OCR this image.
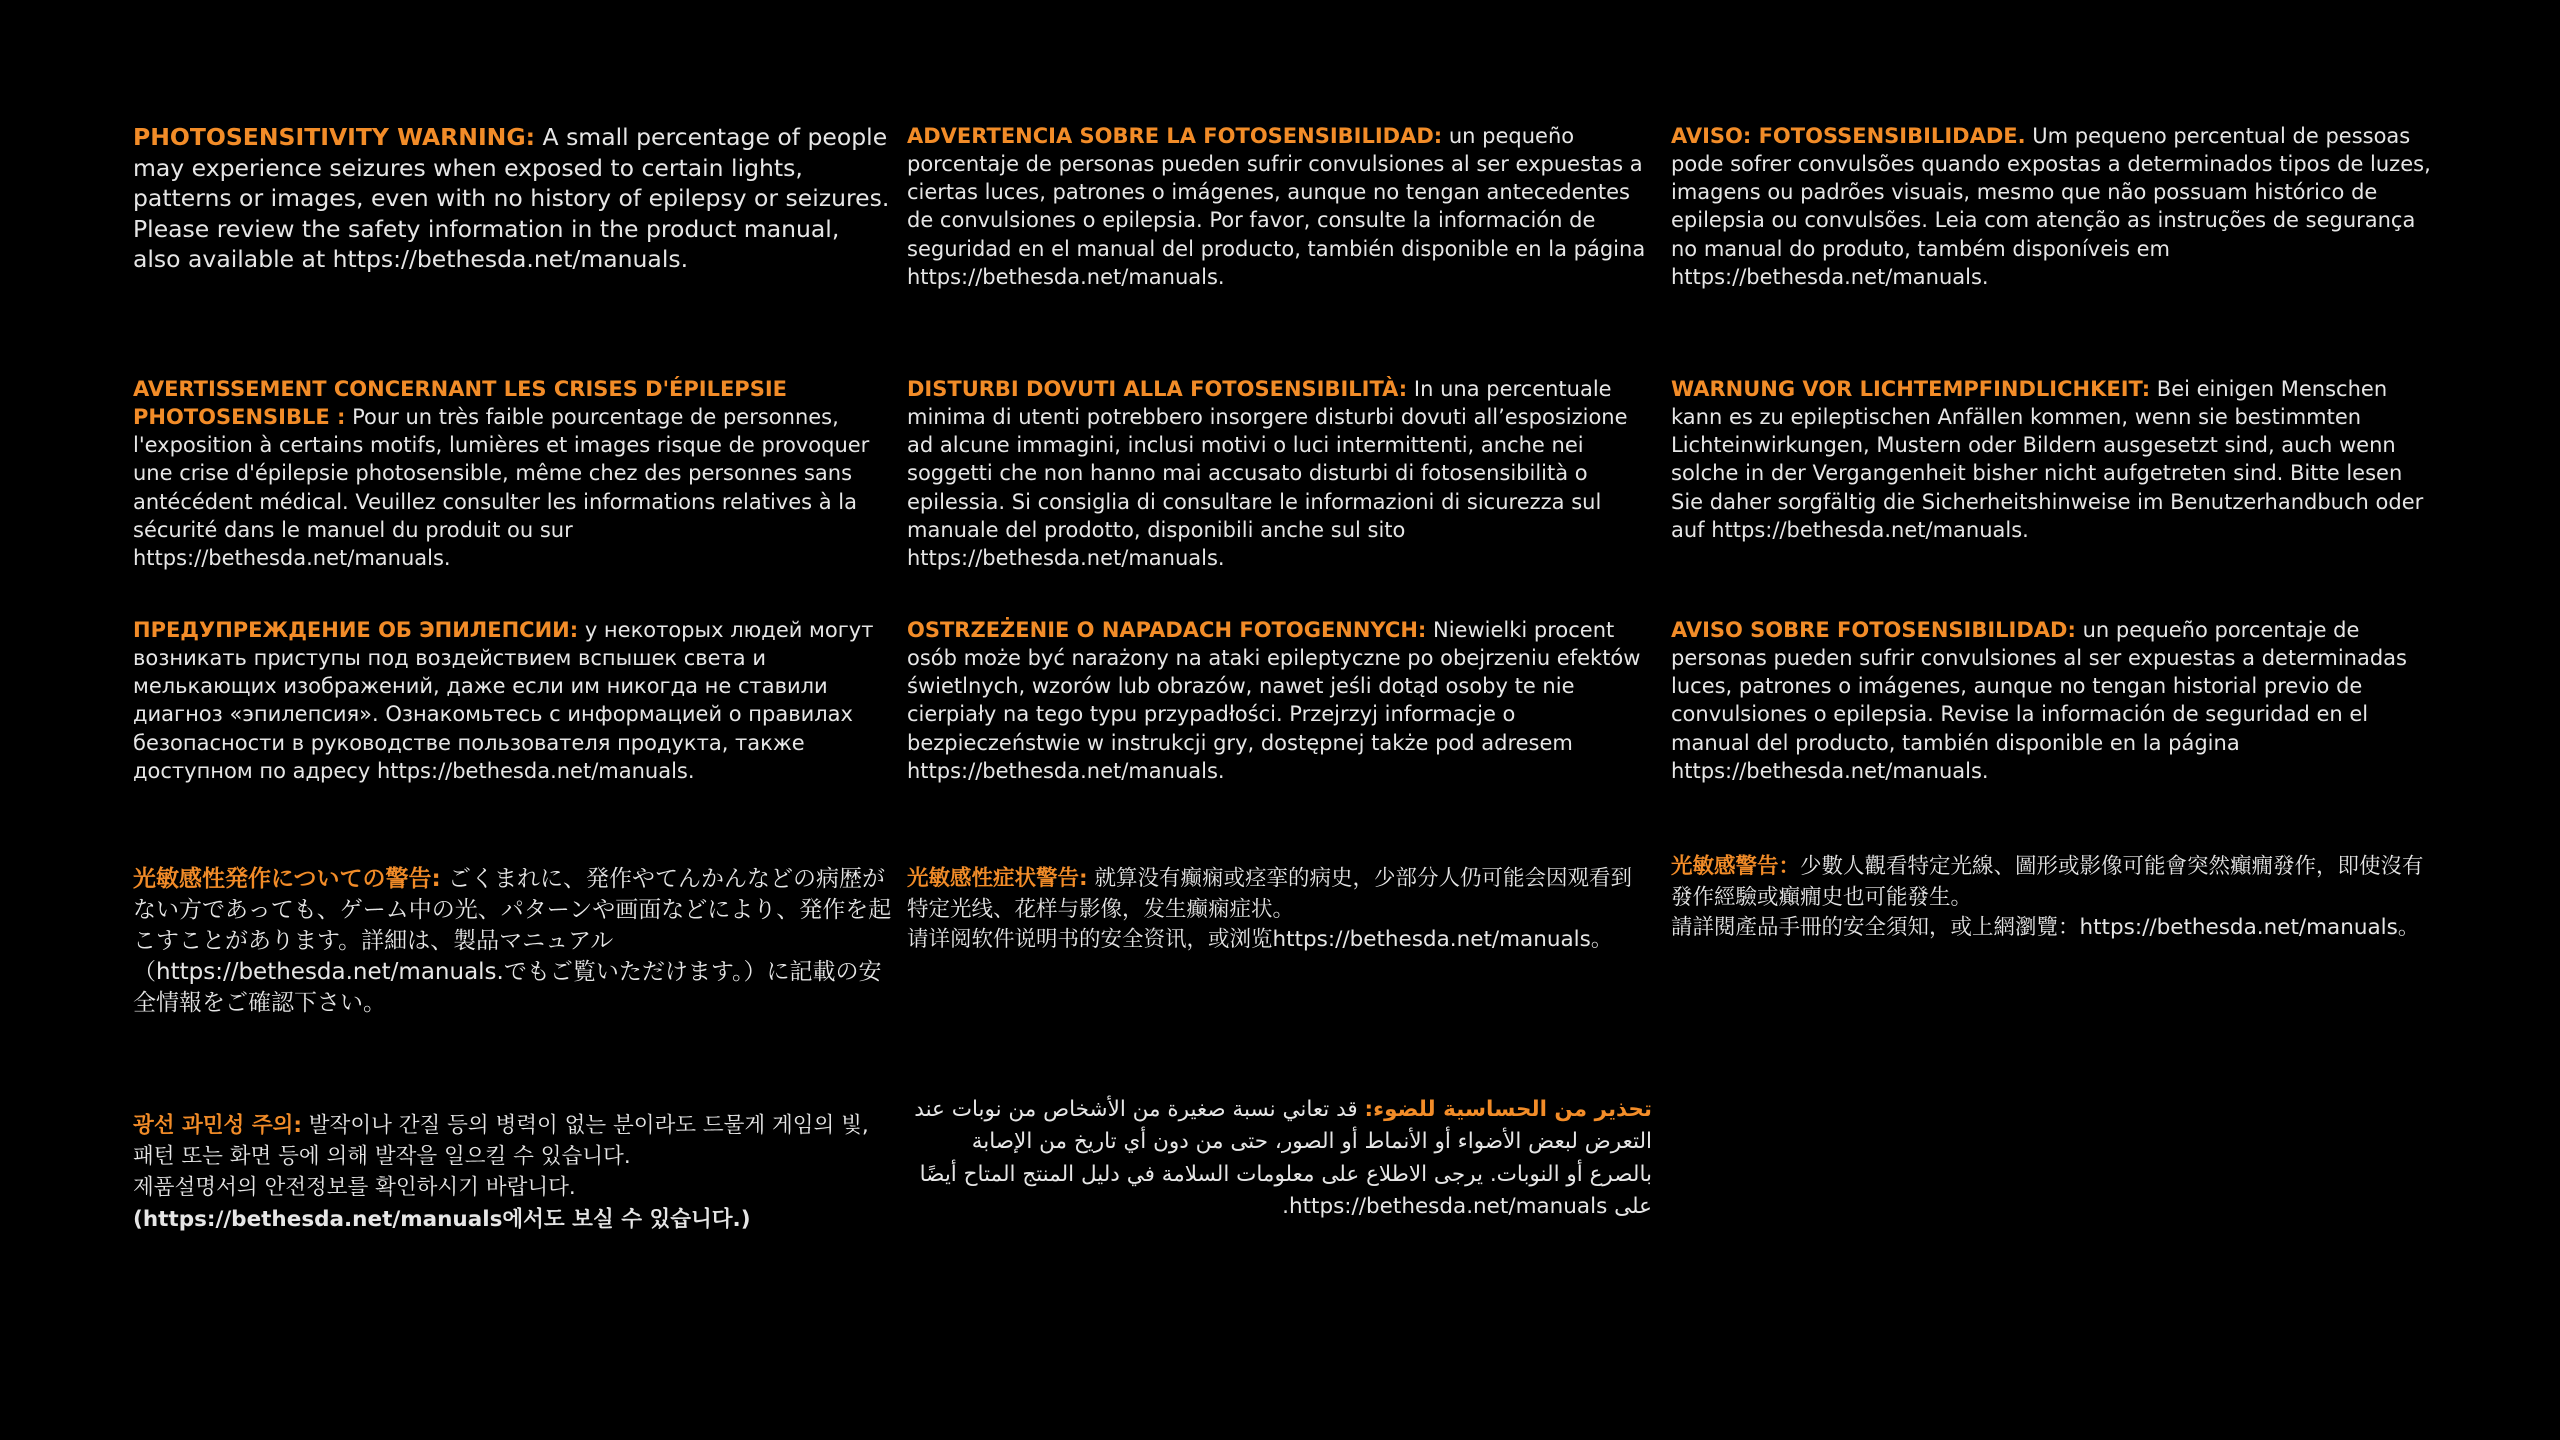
PHOTOSENSITIVITY WARNING: A small percentage of people may experience seizures when exposed to certain lights, patterns or images, even with no history of epilepsy or seizures. Please review the safety information in the product manual, also available at https://bethesda.net/manuals.

ADVERTENCIA SOBRE LA FOTOSENSIBILIDAD: un pequeño porcentaje de personas pueden sufrir convulsiones al ser expuestas a ciertas luces, patrones o imágenes, aunque no tengan antecedentes de convulsiones o epilepsia. Por favor, consulte la información de seguridad en el manual del producto, también disponible en la página https://bethesda.net/manuals.

AVISO: FOTOSSENSIBILIDADE. Um pequeno percentual de pessoas pode sofrer convulsões quando expostas a determinados tipos de luzes, imagens ou padrões visuais, mesmo que não possuam histórico de epilepsia ou convulsões. Leia com atenção as instruções de segurança no manual do produto, também disponíveis em https://bethesda.net/manuals.

AVERTISSEMENT CONCERNANT LES CRISES D'ÉPILEPSIE PHOTOSENSIBLE : Pour un très faible pourcentage de personnes, l'exposition à certains motifs, lumières et images risque de provoquer une crise d'épilepsie photosensible, même chez des personnes sans antécédent médical. Veuillez consulter les informations relatives à la sécurité dans le manuel du produit ou sur https://bethesda.net/manuals.

DISTURBI DOVUTI ALLA FOTOSENSIBILITÀ: In una percentuale minima di utenti potrebbero insorgere disturbi dovuti all’esposizione ad alcune immagini, inclusi motivi o luci intermittenti, anche nei soggetti che non hanno mai accusato disturbi di fotosensibilità o epilessia. Si consiglia di consultare le informazioni di sicurezza sul manuale del prodotto, disponibili anche sul sito https://bethesda.net/manuals.

WARNUNG VOR LICHTEMPFINDLICHKEIT: Bei einigen Menschen kann es zu epileptischen Anfällen kommen, wenn sie bestimmten Lichteinwirkungen, Mustern oder Bildern ausgesetzt sind, auch wenn solche in der Vergangenheit bisher nicht aufgetreten sind. Bitte lesen Sie daher sorgfältig die Sicherheitshinweise im Benutzerhandbuch oder auf https://bethesda.net/manuals.

ПРЕДУПРЕЖДЕНИЕ ОБ ЭПИЛЕПСИИ: у некоторых людей могут возникать приступы под воздействием вспышек света и мелькающих изображений, даже если им никогда не ставили диагноз «эпилепсия». Ознакомьтесь с информацией о правилах безопасности в руководстве пользователя продукта, также доступном по адресу https://bethesda.net/manuals.

OSTRZEŻENIE O NAPADACH FOTOGENNYCH: Niewielki procent osób może być narażony na ataki epileptyczne po obejrzeniu efektów świetlnych, wzorów lub obrazów, nawet jeśli dotąd osoby te nie cierpiały na tego typu przypadłości. Przejrzyj informacje o bezpieczeństwie w instrukcji gry, dostępnej także pod adresem https://bethesda.net/manuals.

AVISO SOBRE FOTOSENSIBILIDAD: un pequeño porcentaje de personas pueden sufrir convulsiones al ser expuestas a determinadas luces, patrones o imágenes, aunque no tengan historial previo de convulsiones o epilepsia. Revise la información de seguridad en el manual del producto, también disponible en la página https://bethesda.net/manuals.

光敏感性発作についての警告: ごくまれに、発作やてんかんなどの病歴がない方であっても、ゲーム中の光、パターンや画面などにより、発作を起こすことがあります。詳細は、製品マニュアル（https://bethesda.net/manuals.でもご覧いただけます。）に記載の安全情報をご確認下さい。

光敏感性症状警告: 就算没有癫痫或痉挛的病史，少部分人仍可能会因观看到特定光线、花样与影像，发生癫痫症状。
请详阅软件说明书的安全资讯，或浏览https://bethesda.net/manuals。

光敏感警告：少數人觀看特定光線、圖形或影像可能會突然癲癇發作，即使沒有發作經驗或癲癇史也可能發生。
請詳閱產品手冊的安全須知，或上網瀏覽：https://bethesda.net/manuals。

광선 과민성 주의: 발작이나 간질 등의 병력이 없는 분이라도 드물게 게임의 빛, 패턴 또는 화면 등에 의해 발작을 일으킬 수 있습니다.
제품설명서의 안전정보를 확인하시기 바랍니다.
(https://bethesda.net/manuals에서도 보실 수 있습니다.)

تحذير من الحساسية للضوء: قد تعاني نسبة صغيرة من الأشخاص من نوبات عند التعرض لبعض الأضواء أو الأنماط أو الصور، حتى من دون أي تاريخ من الإصابة بالصرع أو النوبات. يرجى الاطلاع على معلومات السلامة في دليل المنتج المتاح أيضًا على https://bethesda.net/manuals.
